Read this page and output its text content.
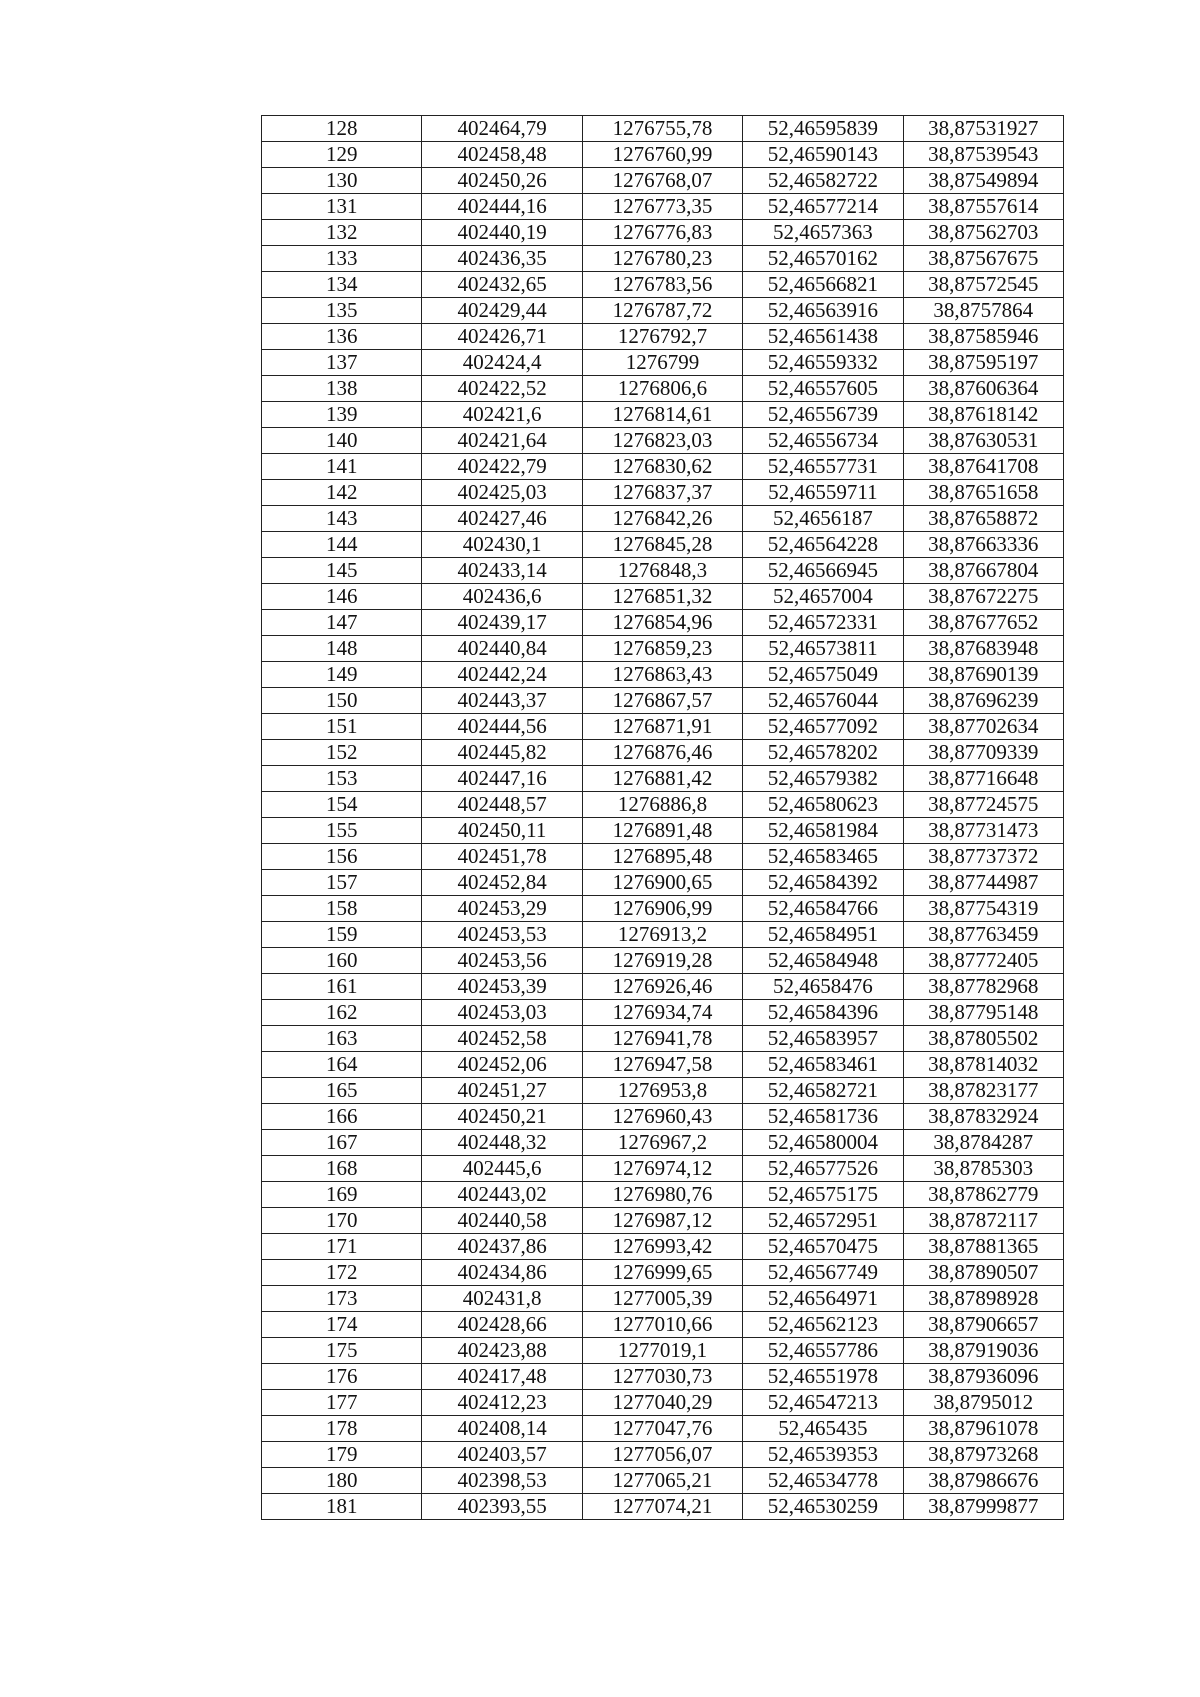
128	402464,79	1276755,78	52,46595839	38,87531927
129	402458,48	1276760,99	52,46590143	38,87539543
130	402450,26	1276768,07	52,46582722	38,87549894
131	402444,16	1276773,35	52,46577214	38,87557614
132	402440,19	1276776,83	52,4657363	38,87562703
133	402436,35	1276780,23	52,46570162	38,87567675
134	402432,65	1276783,56	52,46566821	38,87572545
135	402429,44	1276787,72	52,46563916	38,8757864
136	402426,71	1276792,7	52,46561438	38,87585946
137	402424,4	1276799	52,46559332	38,87595197
138	402422,52	1276806,6	52,46557605	38,87606364
139	402421,6	1276814,61	52,46556739	38,87618142
140	402421,64	1276823,03	52,46556734	38,87630531
141	402422,79	1276830,62	52,46557731	38,87641708
142	402425,03	1276837,37	52,46559711	38,87651658
143	402427,46	1276842,26	52,4656187	38,87658872
144	402430,1	1276845,28	52,46564228	38,87663336
145	402433,14	1276848,3	52,46566945	38,87667804
146	402436,6	1276851,32	52,4657004	38,87672275
147	402439,17	1276854,96	52,46572331	38,87677652
148	402440,84	1276859,23	52,46573811	38,87683948
149	402442,24	1276863,43	52,46575049	38,87690139
150	402443,37	1276867,57	52,46576044	38,87696239
151	402444,56	1276871,91	52,46577092	38,87702634
152	402445,82	1276876,46	52,46578202	38,87709339
153	402447,16	1276881,42	52,46579382	38,87716648
154	402448,57	1276886,8	52,46580623	38,87724575
155	402450,11	1276891,48	52,46581984	38,87731473
156	402451,78	1276895,48	52,46583465	38,87737372
157	402452,84	1276900,65	52,46584392	38,87744987
158	402453,29	1276906,99	52,46584766	38,87754319
159	402453,53	1276913,2	52,46584951	38,87763459
160	402453,56	1276919,28	52,46584948	38,87772405
161	402453,39	1276926,46	52,4658476	38,87782968
162	402453,03	1276934,74	52,46584396	38,87795148
163	402452,58	1276941,78	52,46583957	38,87805502
164	402452,06	1276947,58	52,46583461	38,87814032
165	402451,27	1276953,8	52,46582721	38,87823177
166	402450,21	1276960,43	52,46581736	38,87832924
167	402448,32	1276967,2	52,46580004	38,8784287
168	402445,6	1276974,12	52,46577526	38,8785303
169	402443,02	1276980,76	52,46575175	38,87862779
170	402440,58	1276987,12	52,46572951	38,87872117
171	402437,86	1276993,42	52,46570475	38,87881365
172	402434,86	1276999,65	52,46567749	38,87890507
173	402431,8	1277005,39	52,46564971	38,87898928
174	402428,66	1277010,66	52,46562123	38,87906657
175	402423,88	1277019,1	52,46557786	38,87919036
176	402417,48	1277030,73	52,46551978	38,87936096
177	402412,23	1277040,29	52,46547213	38,8795012
178	402408,14	1277047,76	52,465435	38,87961078
179	402403,57	1277056,07	52,46539353	38,87973268
180	402398,53	1277065,21	52,46534778	38,87986676
181	402393,55	1277074,21	52,46530259	38,87999877
